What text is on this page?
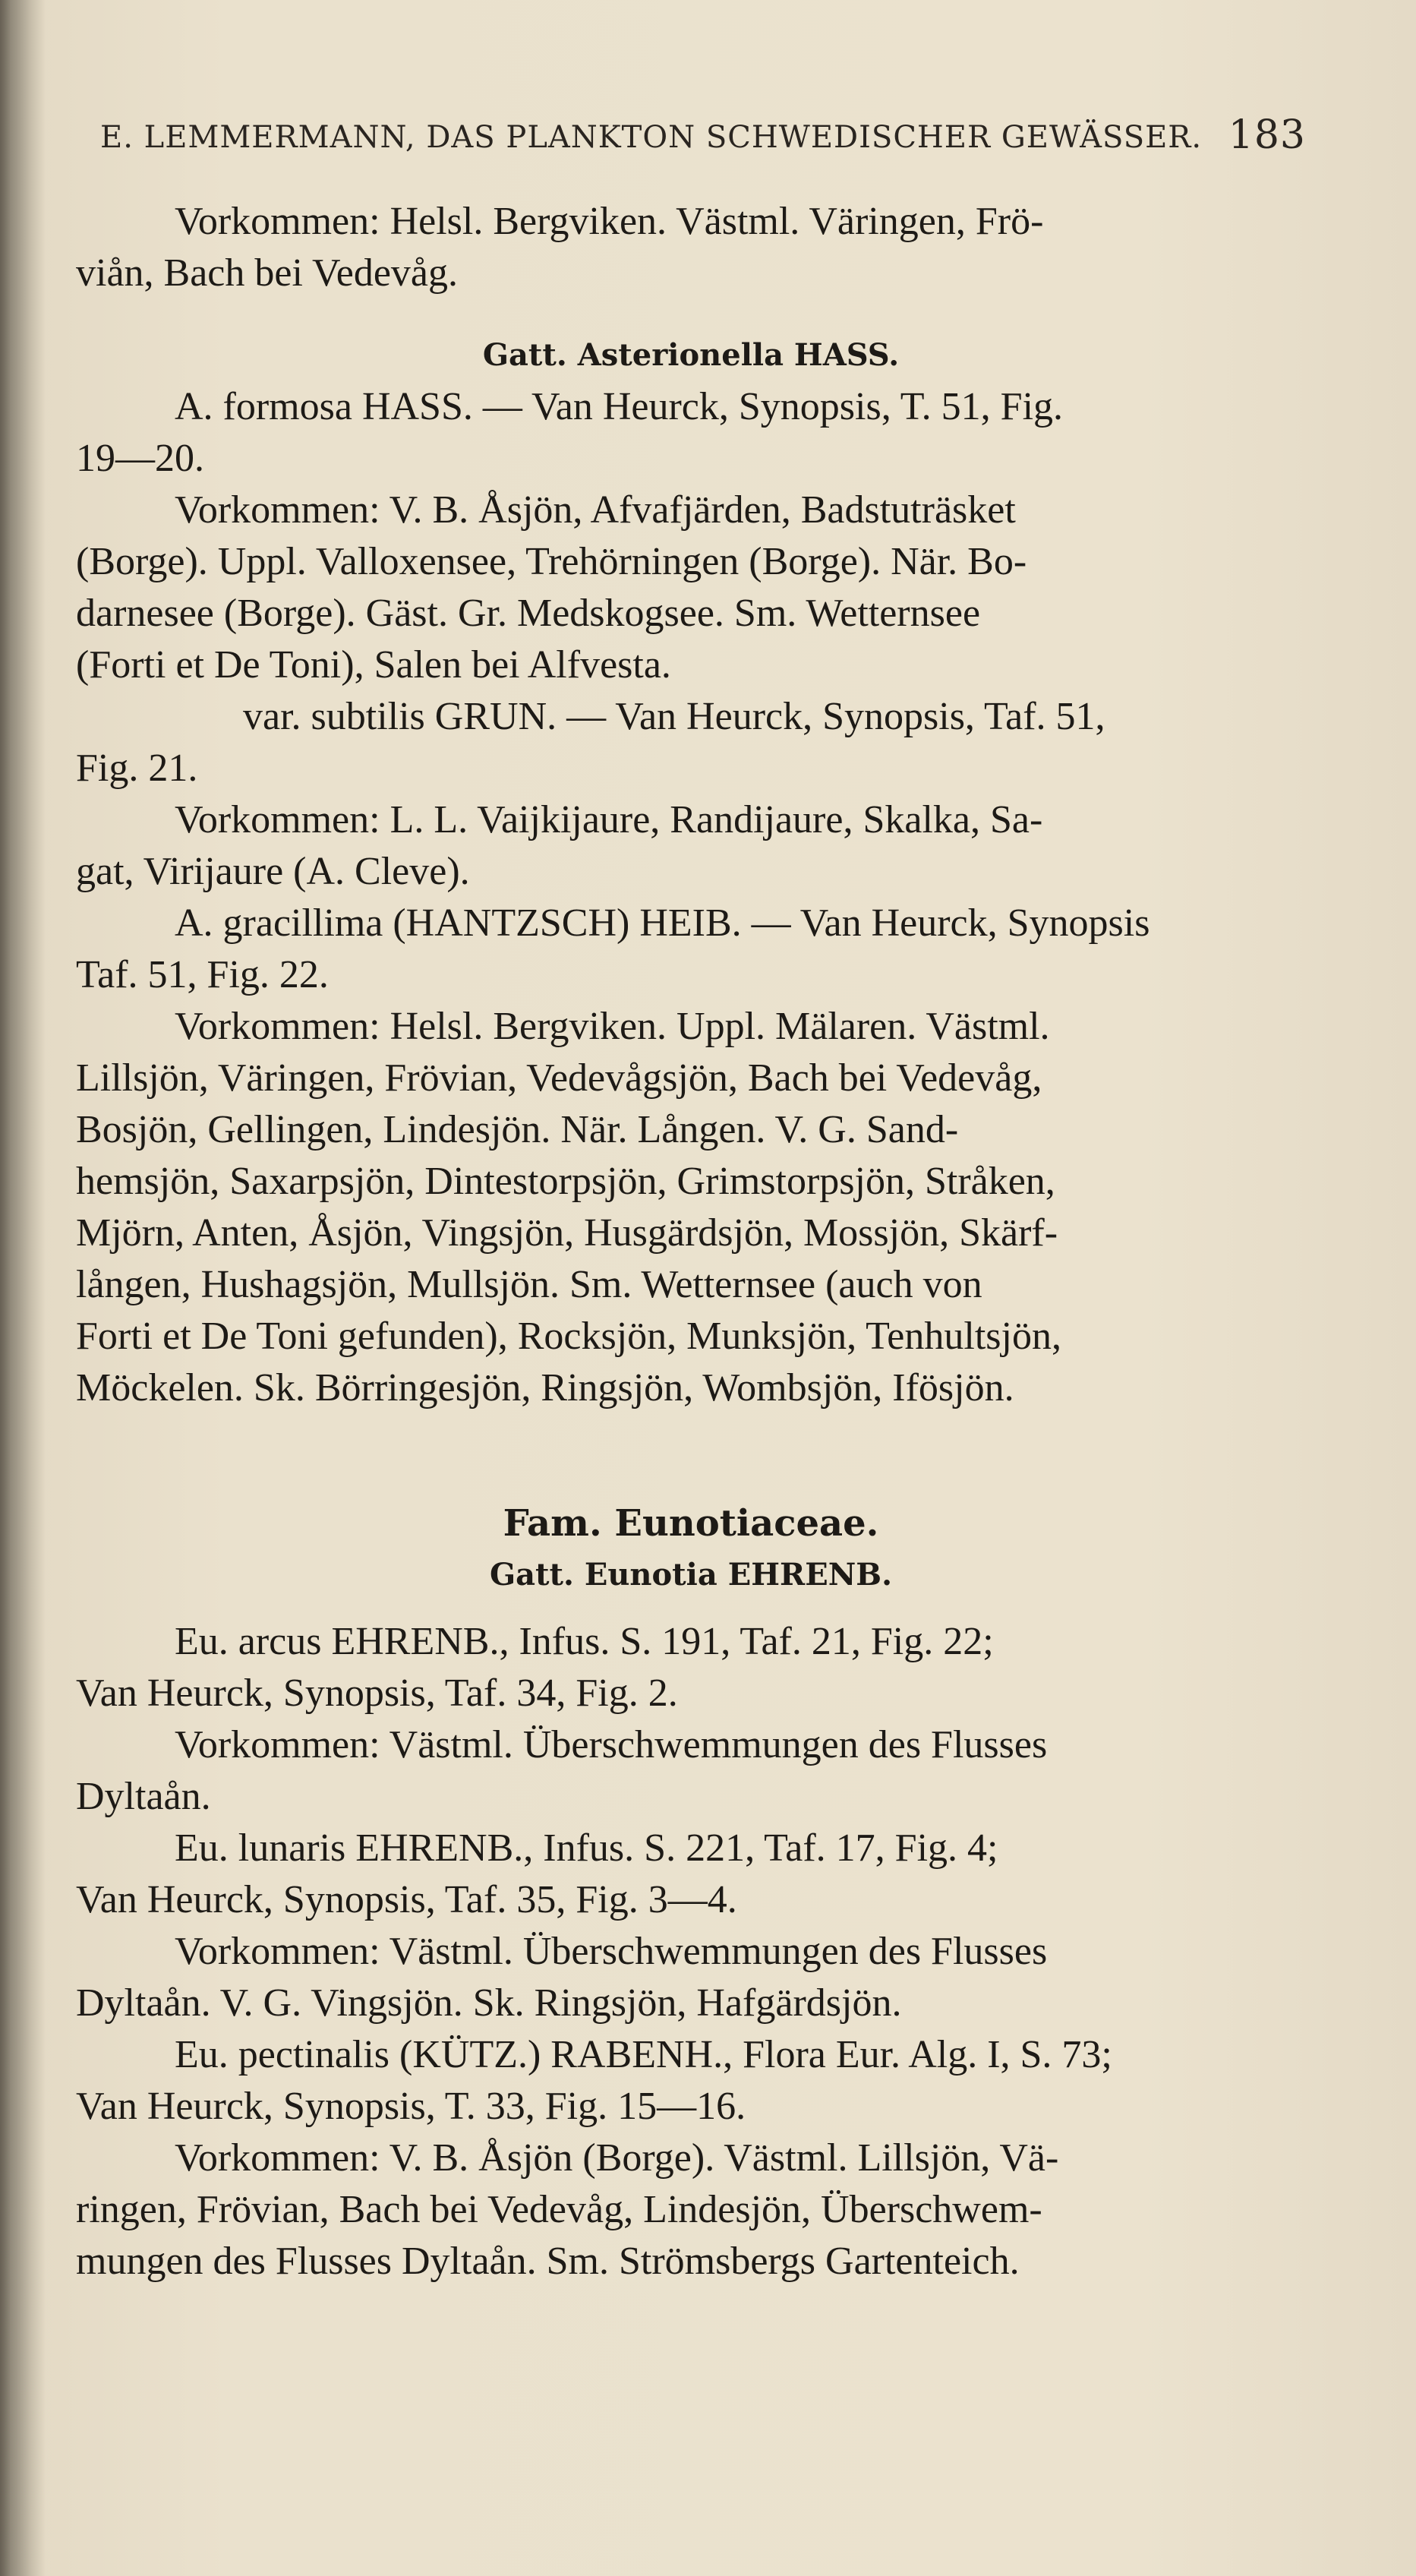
E. LEMMERMANN, DAS PLANKTON SCHWEDISCHER GEWÄSSER. 183
Vorkommen: Helsl. Bergviken. Västml. Väringen, Frö-
viån, Bach bei Vedevåg.
Gatt. Asterionella HASS.
A. formosa HASS. — Van Heurck, Synopsis, T. 51, Fig.
19—20.
Vorkommen: V. B. Åsjön, Afvafjärden, Badstuträsket
(Borge). Uppl. Valloxensee, Trehörningen (Borge). När. Bo-
darnesee (Borge). Gäst. Gr. Medskogsee. Sm. Wetternsee
(Forti et De Toni), Salen bei Alfvesta.
var. subtilis GRUN. — Van Heurck, Synopsis, Taf. 51,
Fig. 21.
Vorkommen: L. L. Vaijkijaure, Randijaure, Skalka, Sa-
gat, Virijaure (A. Cleve).
A. gracillima (HANTZSCH) HEIB. — Van Heurck, Synopsis
Taf. 51, Fig. 22.
Vorkommen: Helsl. Bergviken. Uppl. Mälaren. Västml.
Lillsjön, Väringen, Frövian, Vedevågsjön, Bach bei Vedevåg,
Bosjön, Gellingen, Lindesjön. När. Lången. V. G. Sand-
hemsjön, Saxarpsjön, Dintestorpsjön, Grimstorpsjön, Stråken,
Mjörn, Anten, Åsjön, Vingsjön, Husgärdsjön, Mossjön, Skärf-
lången, Hushagsjön, Mullsjön. Sm. Wetternsee (auch von
Forti et De Toni gefunden), Rocksjön, Munksjön, Tenhultsjön,
Möckelen. Sk. Börringesjön, Ringsjön, Wombsjön, Ifösjön.
Fam. Eunotiaceae.
Gatt. Eunotia EHRENB.
Eu. arcus EHRENB., Infus. S. 191, Taf. 21, Fig. 22;
Van Heurck, Synopsis, Taf. 34, Fig. 2.
Vorkommen: Västml. Überschwemmungen des Flusses
Dyltaån.
Eu. lunaris EHRENB., Infus. S. 221, Taf. 17, Fig. 4;
Van Heurck, Synopsis, Taf. 35, Fig. 3—4.
Vorkommen: Västml. Überschwemmungen des Flusses
Dyltaån. V. G. Vingsjön. Sk. Ringsjön, Hafgärdsjön.
Eu. pectinalis (KÜTZ.) RABENH., Flora Eur. Alg. I, S. 73;
Van Heurck, Synopsis, T. 33, Fig. 15—16.
Vorkommen: V. B. Åsjön (Borge). Västml. Lillsjön, Vä-
ringen, Frövian, Bach bei Vedevåg, Lindesjön, Überschwem-
mungen des Flusses Dyltaån. Sm. Strömsbergs Gartenteich.
